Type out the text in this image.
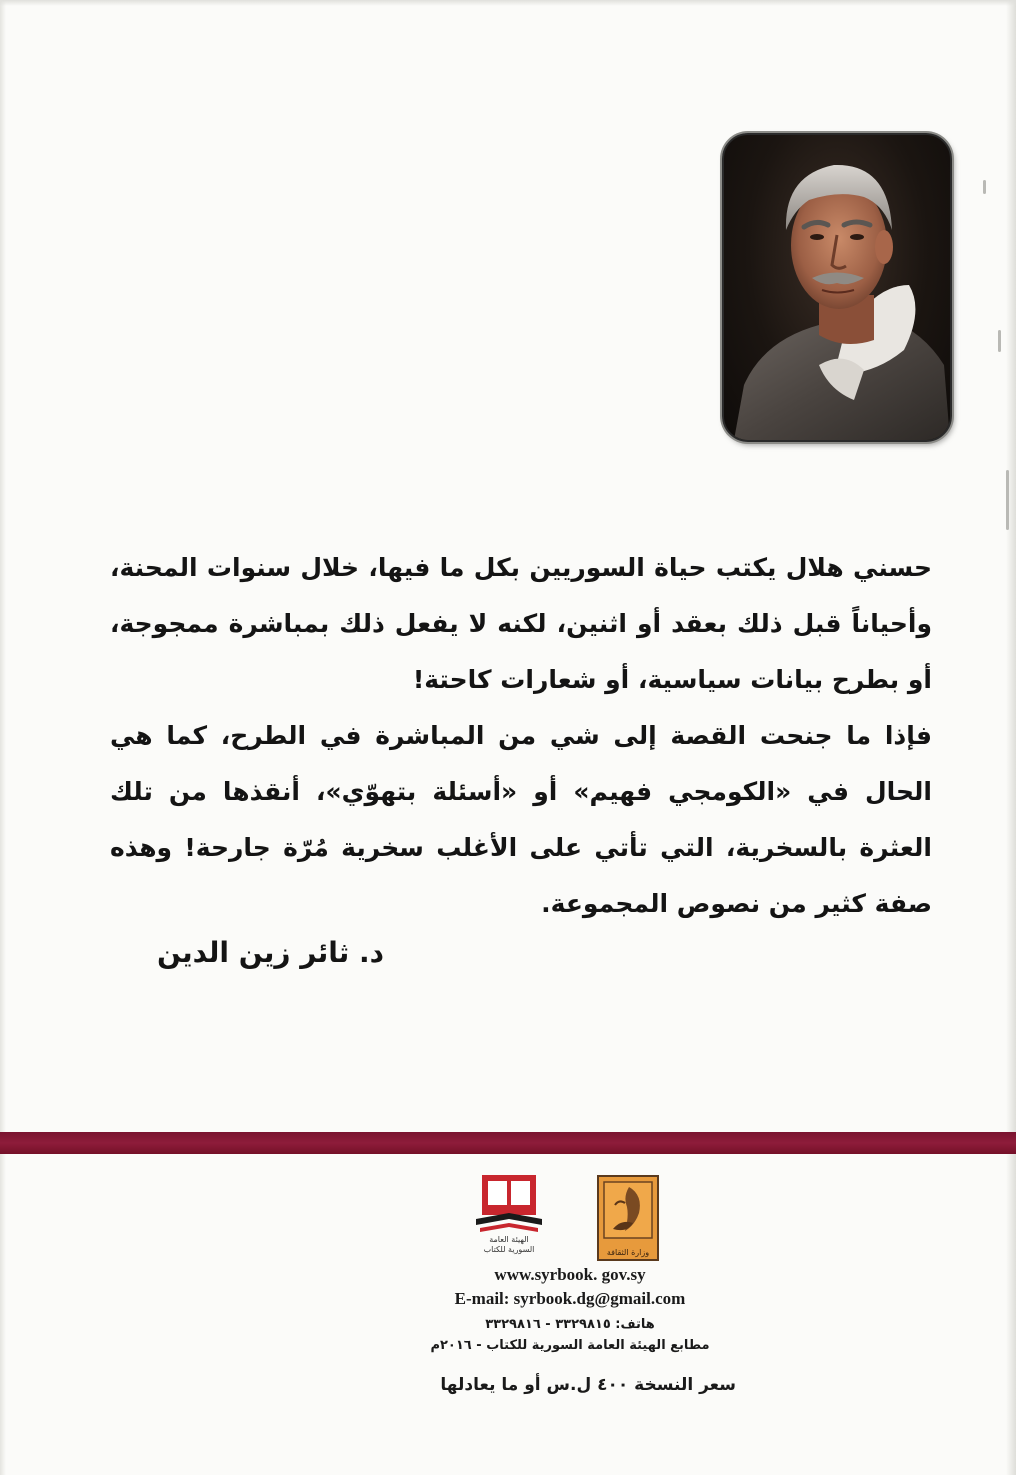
حسني هلال يكتب حياة السوريين بكل ما فيها، خلال سنوات المحنة، وأحياناً قبل ذلك بعقد أو اثنين، لكنه لا يفعل ذلك بمباشرة ممجوجة، أو بطرح بيانات سياسية، أو شعارات كاحتة!

فإذا ما جنحت القصة إلى شي من المباشرة في الطرح، كما هي الحال في «الكومجي فهيم» أو «أسئلة بتهوّي»، أنقذها من تلك العثرة بالسخرية، التي تأتي على الأغلب سخرية مُرّة جارحة! وهذه صفة كثير من نصوص المجموعة.

د. ثائر زين الدين
وزارة الثقافة
الهيئة العامة
السورية للكتاب
www.syrbook. gov.sy
E-mail: syrbook.dg@gmail.com
هاتف: ٣٣٢٩٨١٥ - ٣٣٢٩٨١٦
مطابع الهيئة العامة السورية للكتاب - ٢٠١٦م
سعر النسخة ٤٠٠ ل.س أو ما يعادلها
